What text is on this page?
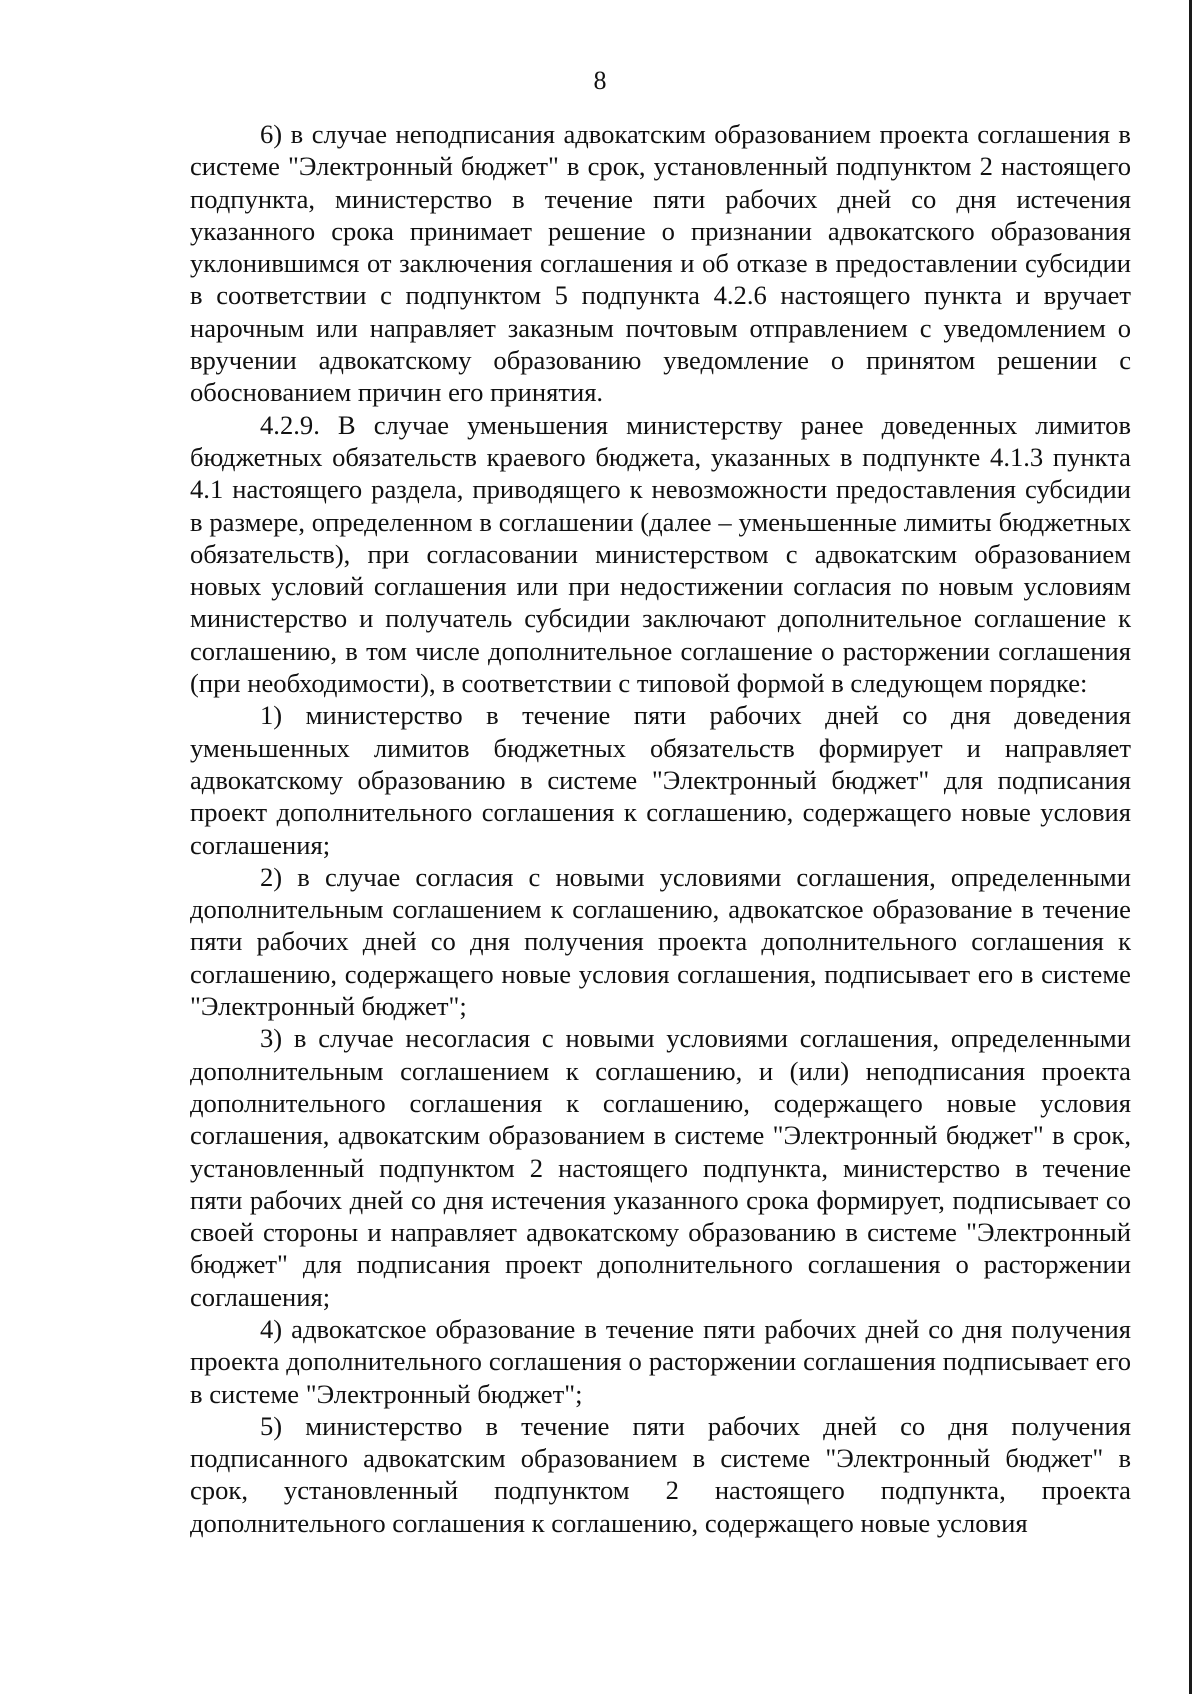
8

6) в случае неподписания адвокатским образованием проекта соглашения в системе "Электронный бюджет" в срок, установленный подпунктом 2 настоящего подпункта, министерство в течение пяти рабочих дней со дня истечения указанного срока принимает решение о признании адвокатского образования уклонившимся от заключения соглашения и об отказе в предоставлении субсидии в соответствии с подпунктом 5 подпункта 4.2.6 настоящего пункта и вручает нарочным или направляет заказным почтовым отправлением с уведомлением о вручении адвокатскому образованию уведомление о принятом решении с обоснованием причин его принятия.

4.2.9. В случае уменьшения министерству ранее доведенных лимитов бюджетных обязательств краевого бюджета, указанных в подпункте 4.1.3 пункта 4.1 настоящего раздела, приводящего к невозможности предоставления субсидии в размере, определенном в соглашении (далее – уменьшенные лимиты бюджетных обязательств), при согласовании министерством с адвокатским образованием новых условий соглашения или при недостижении согласия по новым условиям министерство и получатель субсидии заключают дополнительное соглашение к соглашению, в том числе дополнительное соглашение о расторжении соглашения (при необходимости), в соответствии с типовой формой в следующем порядке:

1) министерство в течение пяти рабочих дней со дня доведения уменьшенных лимитов бюджетных обязательств формирует и направляет адвокатскому образованию в системе "Электронный бюджет" для подписания проект дополнительного соглашения к соглашению, содержащего новые условия соглашения;

2) в случае согласия с новыми условиями соглашения, определенными дополнительным соглашением к соглашению, адвокатское образование в течение пяти рабочих дней со дня получения проекта дополнительного соглашения к соглашению, содержащего новые условия соглашения, подписывает его в системе "Электронный бюджет";

3) в случае несогласия с новыми условиями соглашения, определенными дополнительным соглашением к соглашению, и (или) неподписания проекта дополнительного соглашения к соглашению, содержащего новые условия соглашения, адвокатским образованием в системе "Электронный бюджет" в срок, установленный подпунктом 2 настоящего подпункта, министерство в течение пяти рабочих дней со дня истечения указанного срока формирует, подписывает со своей стороны и направляет адвокатскому образованию в системе "Электронный бюджет" для подписания проект дополнительного соглашения о расторжении соглашения;

4) адвокатское образование в течение пяти рабочих дней со дня получения проекта дополнительного соглашения о расторжении соглашения подписывает его в системе "Электронный бюджет";

5) министерство в течение пяти рабочих дней со дня получения подписанного адвокатским образованием в системе "Электронный бюджет" в срок, установленный подпунктом 2 настоящего подпункта, проекта дополнительного соглашения к соглашению, содержащего новые условия
